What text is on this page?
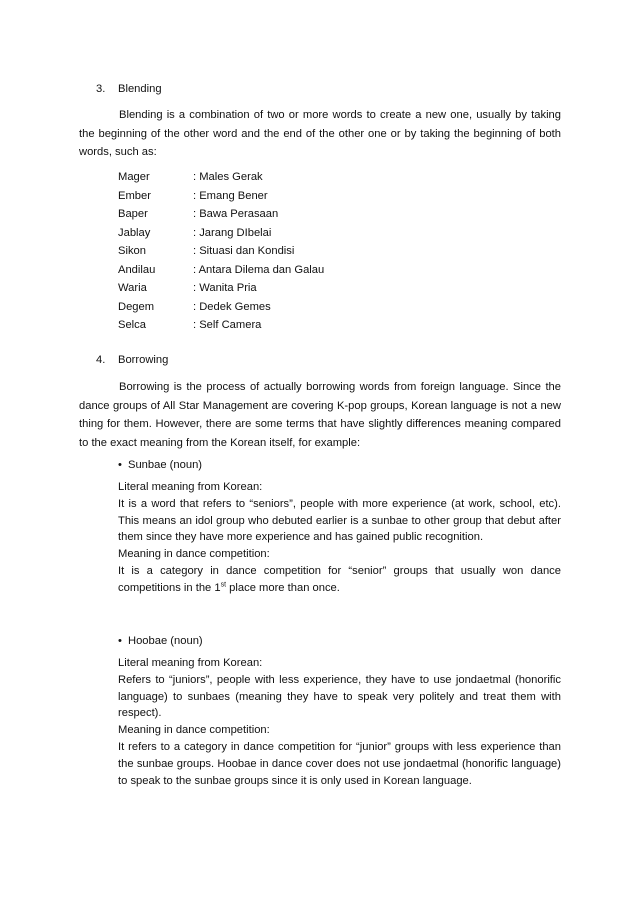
3. Blending
Blending is a combination of two or more words to create a new one, usually by taking the beginning of the other word and the end of the other one or by taking the beginning of both words, such as:
Mager	: Males Gerak
Ember	: Emang Bener
Baper	: Bawa Perasaan
Jablay	: Jarang DIbelai
Sikon	: Situasi dan Kondisi
Andilau	: Antara Dilema dan Galau
Waria	: Wanita Pria
Degem	: Dedek Gemes
Selca	: Self Camera
4. Borrowing
Borrowing is the process of actually borrowing words from foreign language. Since the dance groups of All Star Management are covering K-pop groups, Korean language is not a new thing for them. However, there are some terms that have slightly differences meaning compared to the exact meaning from the Korean itself, for example:
• Sunbae (noun)

Literal meaning from Korean:

It is a word that refers to “seniors”, people with more experience (at work, school, etc). This means an idol group who debuted earlier is a sunbae to other group that debut after them since they have more experience and has gained public recognition.

Meaning in dance competition:

It is a category in dance competition for “senior” groups that usually won dance competitions in the 1st place more than once.

• Hoobae (noun)

Literal meaning from Korean:

Refers to “juniors”, people with less experience, they have to use jondaetmal (honorific language) to sunbaes (meaning they have to speak very politely and treat them with respect).

Meaning in dance competition:

It refers to a category in dance competition for “junior” groups with less experience than the sunbae groups. Hoobae in dance cover does not use jondaetmal (honorific language) to speak to the sunbae groups since it is only used in Korean language.
